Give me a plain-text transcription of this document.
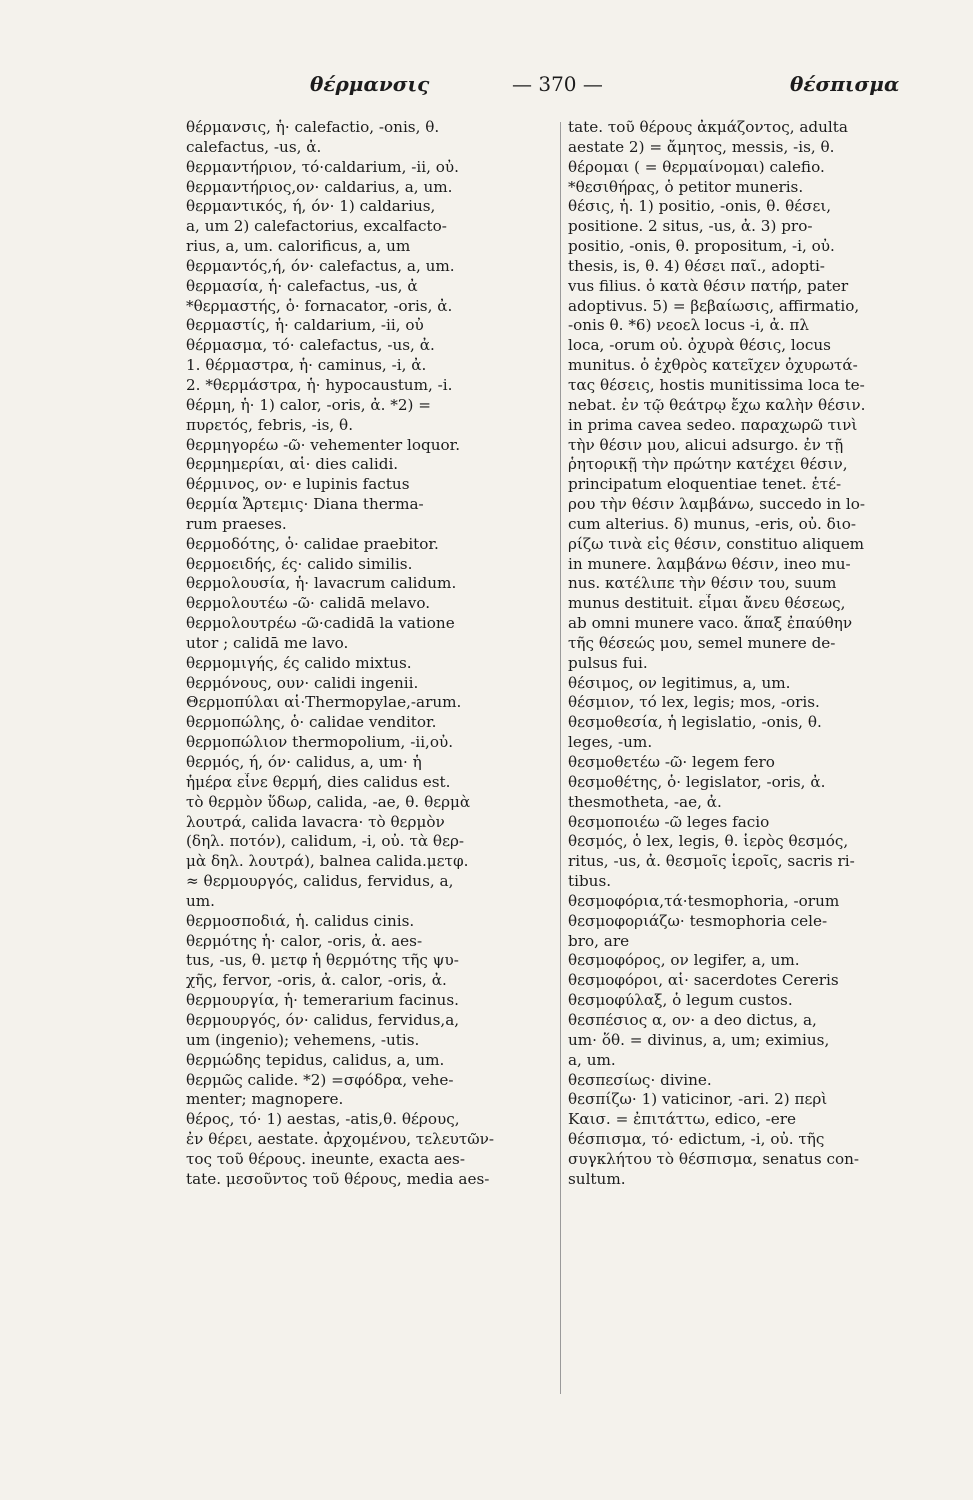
θέρμανσις	— 370 —	θέσπισμα
θέρμανσις, ἡ· calefactio, -onis, θ.
calefactus, -us, ἀ.
θερμαντήριον, τό·caldarium, -ii, οὐ.
θερμαντήριος,ον· caldarius, a, um.
θερμαντικός, ή, όν· 1) caldarius,
a, um 2) calefactorius, excalfacto-
rius, a, um. calorificus, a, um
θερμαντός,ή, όν· calefactus, a, um.
θερμασία, ἡ· calefactus, -us, ἀ
*θερμαστής, ὁ· fornacator, -oris, ἀ.
θερμαστίς, ἡ· caldarium, -ii, οὐ
θέρμασμα, τό· calefactus, -us, ἀ.
1. θέρμαστρα, ἡ· caminus, -i, ἀ.
2. *θερμάστρα, ἡ· hypocaustum, -i.
θέρμη, ἡ· 1) calor, -oris, ἀ. *2) =
πυρετός, febris, -is, θ.
θερμηγορέω -ῶ· vehementer loquor.
θερμημερίαι, αἱ· dies calidi.
θέρμινος, ον· e lupinis factus
θερμία Ἄρτεμις· Diana therma-
rum praeses.
θερμοδότης, ὁ· calidae praebitor.
θερμοειδής, ές· calido similis.
θερμολουσία, ἡ· lavacrum calidum.
θερμολουτέω -ῶ· calidā melavo.
θερμολουτρέω -ῶ·cadidā la vatione
utor ; calidā me lavo.
θερμομιγής, ές calido mixtus.
θερμόνους, ουν· calidi ingenii.
Θερμοπύλαι αἱ·Thermopylae,-arum.
θερμοπώλης, ὁ· calidae venditor.
θερμοπώλιον thermopolium, -ii,οὐ.
θερμός, ή, όν· calidus, a, um· ἡ
ἡμέρα εἶνε θερμή, dies calidus est.
τὸ θερμὸν ὕδωρ, calida, -ae, θ. θερμὰ
λουτρά, calida lavacra· τὸ θερμὸν
(δηλ. ποτόν), calidum, -i, οὐ. τὰ θερ-
μὰ δηλ. λουτρά), balnea calida.μετφ.
≈ θερμουργός, calidus, fervidus, a,
um.
θερμοσποδιά, ἡ. calidus cinis.
θερμότης ἡ· calor, -oris, ἀ. aes-
tus, -us, θ. μετφ ἡ θερμότης τῆς ψυ-
χῆς, fervor, -oris, ἀ. calor, -oris, ἀ.
θερμουργία, ἡ· temerarium facinus.
θερμουργός, όν· calidus, fervidus,a,
um (ingenio); vehemens, -utis.
θερμώδης tepidus, calidus, a, um.
θερμῶς calide. *2) =σφόδρα, vehe-
menter; magnopere.
θέρος, τό· 1) aestas, -atis,θ. θέρους,
ἐν θέρει, aestate. ἀρχομένου, τελευτῶν-
τος τοῦ θέρους. ineunte, exacta aes-
tate. μεσοῦντος τοῦ θέρους, media aes-
tate. τοῦ θέρους ἀκμάζοντος, adulta
aestate 2) = ἄμητος, messis, -is, θ.
θέρομαι ( = θερμαίνομαι) calefio.
*θεσιθήρας, ὁ petitor muneris.
θέσις, ἡ. 1) positio, -onis, θ. θέσει,
positione. 2 situs, -us, ἀ. 3) pro-
positio, -onis, θ. propositum, -i, οὐ.
thesis, is, θ. 4) θέσει παῖ., adopti-
vus filius. ὁ κατὰ θέσιν πατήρ, pater
adoptivus. 5) = βεβαίωσις, affirmatio,
-onis θ. *6) νεοελ locus -i, ἀ. πλ
loca, -orum οὐ. ὀχυρὰ θέσις, locus
munitus. ὁ ἐχθρὸς κατεῖχεν ὀχυρωτά-
τας θέσεις, hostis munitissima loca te-
nebat. ἐν τῷ θεάτρῳ ἔχω καλὴν θέσιν.
in prima cavea sedeo. παραχωρῶ τινὶ
τὴν θέσιν μου, alicui adsurgo. ἐν τῇ
ῥητορικῇ τὴν πρώτην κατέχει θέσιν,
principatum eloquentiae tenet. ἑτέ-
ρου τὴν θέσιν λαμβάνω, succedo in lo-
cum alterius. δ) munus, -eris, οὐ. διο-
ρίζω τινὰ εἰς θέσιν, constituo aliquem
in munere. λαμβάνω θέσιν, ineo mu-
nus. κατέλιπε τὴν θέσιν του, suum
munus destituit. εἶμαι ἄνευ θέσεως,
ab omni munere vaco. ἅπαξ ἐπαύθην
τῆς θέσεώς μου, semel munere de-
pulsus fui.
θέσιμος, ον legitimus, a, um.
θέσμιον, τό lex, legis; mos, -oris.
θεσμοθεσία, ἡ legislatio, -onis, θ.
leges, -um.
θεσμοθετέω -ῶ· legem fero
θεσμοθέτης, ὁ· legislator, -oris, ἀ.
thesmotheta, -ae, ἀ.
θεσμοποιέω -ῶ leges facio
θεσμός, ὁ lex, legis, θ. ἱερὸς θεσμός,
ritus, -us, ἀ. θεσμοῖς ἱεροῖς, sacris ri-
tibus.
θεσμοφόρια,τά·tesmophoria, -orum
θεσμοφοριάζω· tesmophoria cele-
bro, are
θεσμοφόρος, ον legifer, a, um.
θεσμοφόροι, αἱ· sacerdotes Cereris
θεσμοφύλαξ, ὁ legum custos.
θεσπέσιος α, ον· a deo dictus, a,
um· ὅθ. = divinus, a, um; eximius,
a, um.
θεσπεσίως· divine.
θεσπίζω· 1) vaticinor, -ari. 2) περὶ
Καισ. = ἐπιτάττω, edico, -ere
θέσπισμα, τό· edictum, -i, οὐ. τῆς
συγκλήτου τὸ θέσπισμα, senatus con-
sultum.
